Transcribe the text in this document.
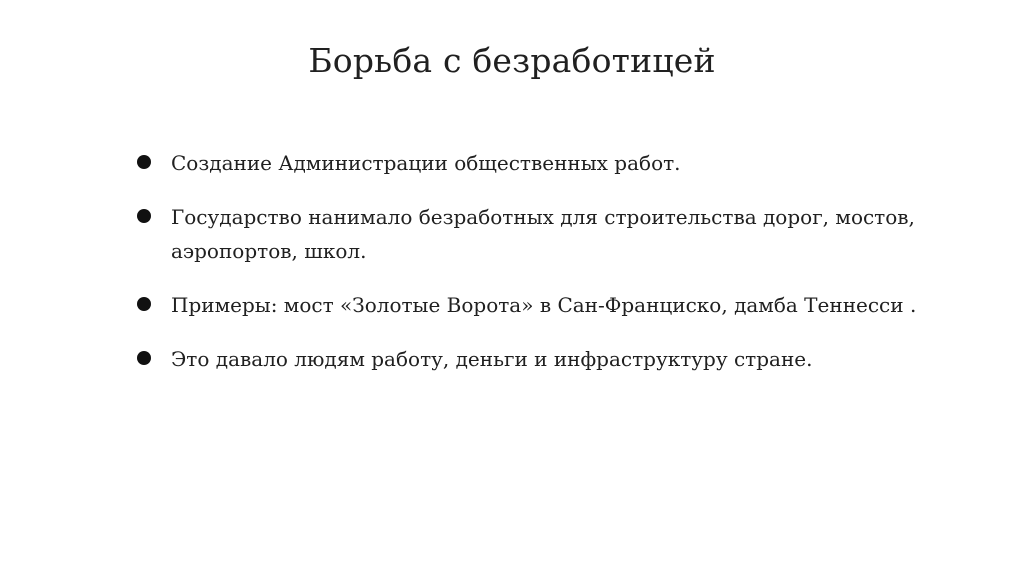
Борьба с безработицей
Создание Администрации общественных работ.
Государство нанимало безработных для строительства дорог, мостов, аэропортов, школ.
Примеры: мост «Золотые Ворота» в Сан-Франциско, дамба Теннесси .
Это давало людям работу, деньги и инфраструктуру стране.
